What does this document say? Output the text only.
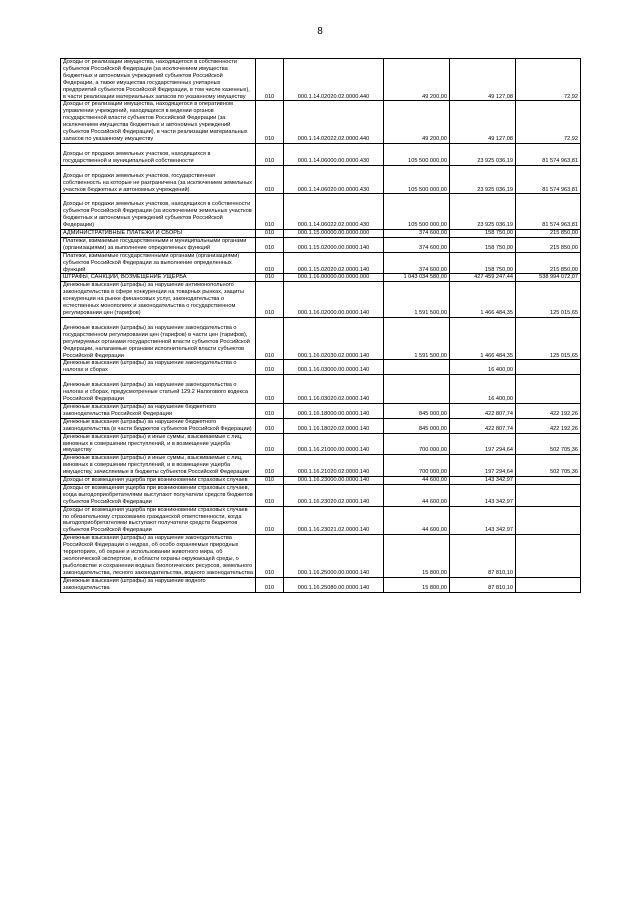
8
Доходы от реализации имущества, находящегося в собственности субъектов Российской Федерации (за исключением имущества бюджетных и автономных учреждений субъектов Российской Федерации, а также имущества государственных унитарных предприятий субъектов Российской Федерации, в том числе казенных), в части реализации материальных запасов по указанному имуществу	010	000.1.14.02020.02.0000.440	49 200,00	49 127,08	72,92
Доходы от реализации имущества, находящегося в оперативном управлении учреждений, находящихся в ведении органов государственной власти субъектов Российской Федерации (за исключением имущества бюджетных и автономных учреждений субъектов Российской Федерации), в части реализации материальных запасов по указанному имуществу	010	000.1.14.02022.02.0000.440	49 200,00	49 127,08	72,92
Доходы от продажи земельных участков, находящихся в государственной и муниципальной собственности	010	000.1.14.06000.00.0000.430	105 500 000,00	23 925 036,19	81 574 963,81
Доходы от продажи земельных участков, государственная собственность на которые не разграничена (за исключением земельных участков бюджетных и автономных учреждений)	010	000.1.14.06020.00.0000.430	105 500 000,00	23 925 036,19	81 574 963,81
Доходы от продажи земельных участков, находящихся в собственности субъектов Российской Федерации (за исключением земельных участков бюджетных и автономных учреждений субъектов Российской Федерации)	010	000.1.14.06022.02.0000.430	105 500 000,00	23 925 036,19	81 574 963,81
АДМИНИСТРАТИВНЫЕ ПЛАТЕЖИ И СБОРЫ	010	000.1.15.00000.00.0000.000	374 600,00	158 750,00	215 850,00
Платежи, взимаемые государственными и муниципальными органами (организациями) за выполнение определенных функций	010	000.1.15.02000.00.0000.140	374 600,00	158 750,00	215 850,00
Платежи, взимаемые государственными органами (организациями) субъектов Российской Федерации за выполнение определенных функций	010	000.1.15.02020.02.0000.140	374 600,00	158 750,00	215 850,00
ШТРАФЫ, САНКЦИИ, ВОЗМЕЩЕНИЕ УЩЕРБА	010	000.1.16.00000.00.0000.000	1 043 034 580,00	427 459 247,44	538 994 072,07
Денежные взыскания (штрафы) за нарушение антимонопольного законодательства в сфере конкуренции на товарных рынках, защиты конкуренции на рынке финансовых услуг, законодательства о естественных монополиях и законодательства о государственном регулировании цен (тарифов)	010	000.1.16.02000.00.0000.140	1 591 500,00	1 466 484,35	125 015,65
Денежные взыскания (штрафы) за нарушение законодательства о государственном регулировании цен (тарифов) в части цен (тарифов), регулируемых органами государственной власти субъектов Российской Федерации, налагаемые органами исполнительной власти субъектов Российской Федерации	010	000.1.16.02030.02.0000.140	1 591 500,00	1 466 484,35	125 015,65
Денежные взыскания (штрафы) за нарушение законодательства о налогах и сборах	010	000.1.16.03000.00.0000.140		16 400,00	
Денежные взыскания (штрафы) за нарушение законодательства о налогах и сборах, предусмотренные статьей 129.2 Налогового кодекса Российской Федерации	010	000.1.16.03020.02.0000.140		16 400,00	
Денежные взыскания (штрафы) за нарушение бюджетного законодательства Российской Федерации	010	000.1.16.18000.00.0000.140	845 000,00	422 807,74	422 192,26
Денежные взыскания (штрафы) за нарушение бюджетного законодательства (в части бюджетов субъектов Российской Федерации)	010	000.1.16.18020.02.0000.140	845 000,00	422 807,74	422 192,26
Денежные взыскания (штрафы) и иные суммы, взыскиваемые с лиц, виновных в совершении преступлений, и в возмещение ущерба имуществу	010	000.1.16.21000.00.0000.140	700 000,00	197 294,64	502 705,36
Денежные взыскания (штрафы) и иные суммы, взыскиваемые с лиц, виновных в совершении преступлений, и в возмещение ущерба имуществу, зачисляемые в бюджеты субъектов Российской Федерации	010	000.1.16.21020.02.0000.140	700 000,00	197 294,64	502 705,36
Доходы от возмещения ущерба при возникновении страховых случаев	010	000.1.16.23000.00.0000.140	44 600,00	143 342,97	
Доходы от возмещения ущерба при возникновении страховых случаев, когда выгодоприобретателями выступают получатели средств бюджетов субъектов Российской Федерации	010	000.1.16.23020.02.0000.140	44 600,00	143 342,97	
Доходы от возмещения ущерба при возникновении страховых случаев по обязательному страхованию гражданской ответственности, когда выгодоприобретателями выступают получатели средств бюджетов субъектов Российской Федерации	010	000.1.16.23021.02.0000.140	44 600,00	143 342,97	
Денежные взыскания (штрафы) за нарушение законодательства Российской Федерации о недрах, об особо охраняемых природных территориях, об охране и использовании животного мира, об экологической экспертизе, в области охраны окружающей среды, о рыболовстве и сохранении водных биологических ресурсов, земельного законодательства, лесного законодательства, водного законодательства	010	000.1.16.25000.00.0000.140	15 800,00	87 810,10	
Денежные взыскания (штрафы) за нарушение водного законодательства	010	000.1.16.25080.00.0000.140	15 800,00	87 810,10	
